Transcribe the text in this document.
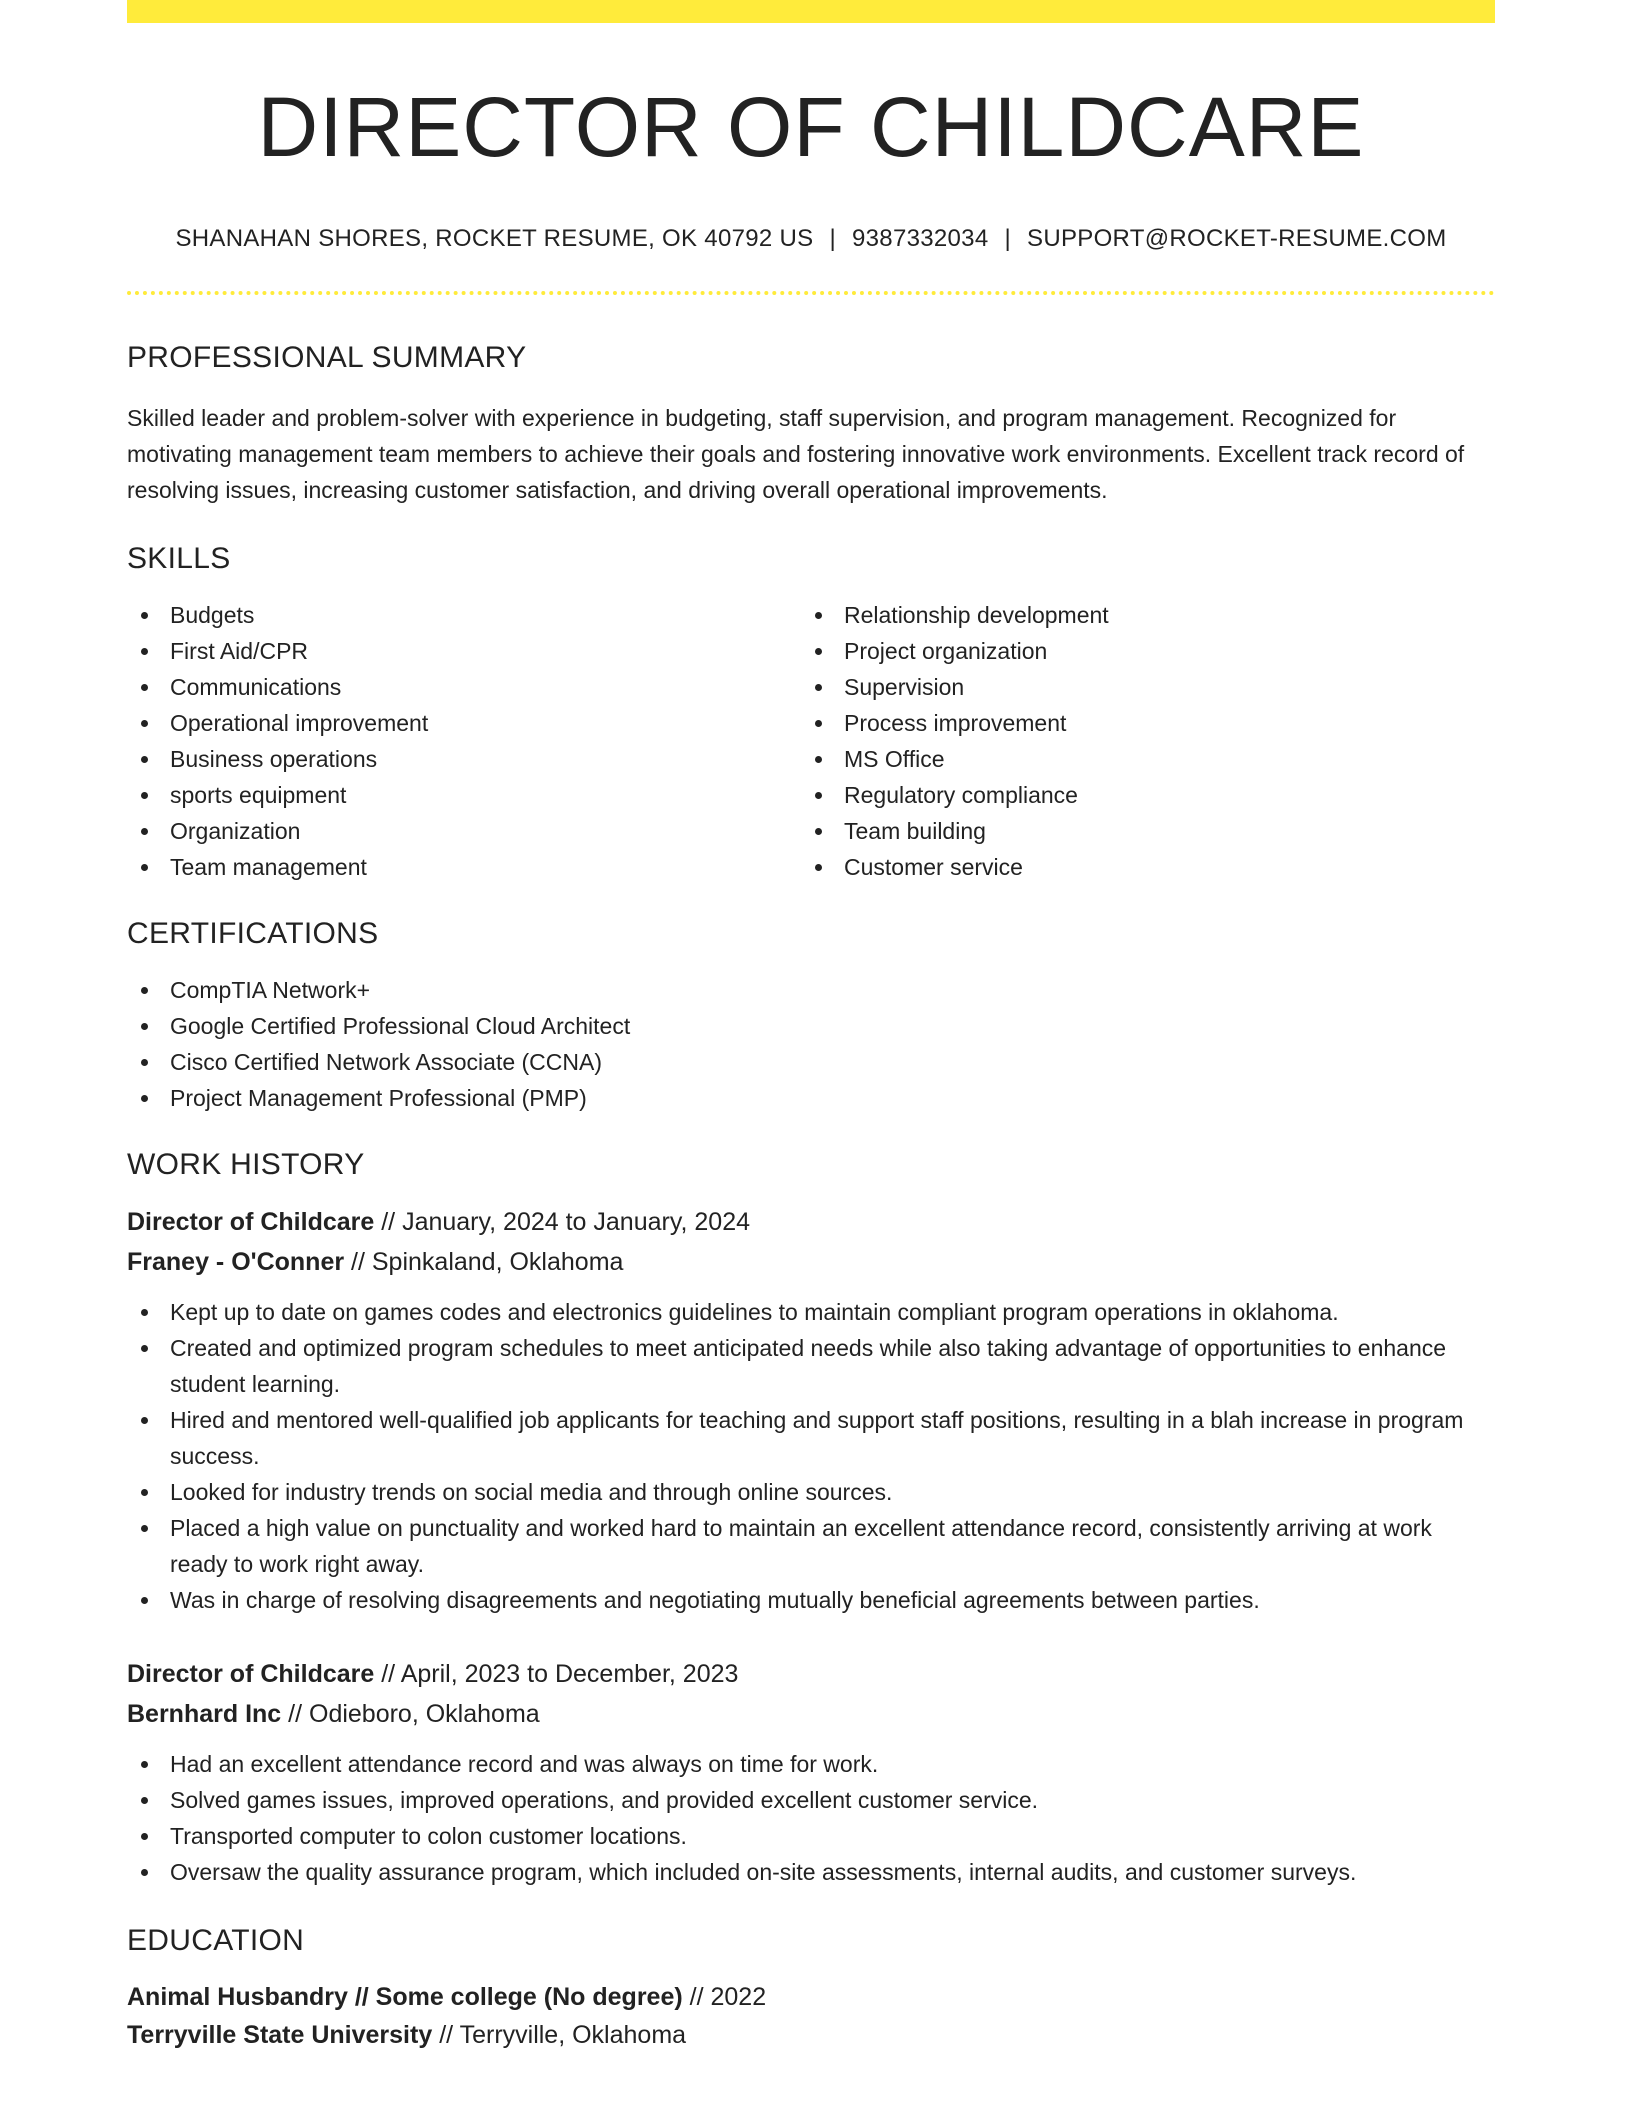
DIRECTOR OF CHILDCARE
SHANAHAN SHORES, ROCKET RESUME, OK 40792 US | 9387332034 | SUPPORT@ROCKET-RESUME.COM
PROFESSIONAL SUMMARY

Skilled leader and problem-solver with experience in budgeting, staff supervision, and program management. Recognized for motivating management team members to achieve their goals and fostering innovative work environments. Excellent track record of resolving issues, increasing customer satisfaction, and driving overall operational improvements.

SKILLS
Budgets
First Aid/CPR
Communications
Operational improvement
Business operations
sports equipment
Organization
Team management
Relationship development
Project organization
Supervision
Process improvement
MS Office
Regulatory compliance
Team building
Customer service
CERTIFICATIONS
CompTIA Network+
Google Certified Professional Cloud Architect
Cisco Certified Network Associate (CCNA)
Project Management Professional (PMP)
WORK HISTORY
Director of Childcare // January, 2024 to January, 2024
Franey - O'Conner // Spinkaland, Oklahoma
Kept up to date on games codes and electronics guidelines to maintain compliant program operations in oklahoma.
Created and optimized program schedules to meet anticipated needs while also taking advantage of opportunities to enhance student learning.
Hired and mentored well-qualified job applicants for teaching and support staff positions, resulting in a blah increase in program success.
Looked for industry trends on social media and through online sources.
Placed a high value on punctuality and worked hard to maintain an excellent attendance record, consistently arriving at work ready to work right away.
Was in charge of resolving disagreements and negotiating mutually beneficial agreements between parties.
Director of Childcare // April, 2023 to December, 2023
Bernhard Inc // Odieboro, Oklahoma
Had an excellent attendance record and was always on time for work.
Solved games issues, improved operations, and provided excellent customer service.
Transported computer to colon customer locations.
Oversaw the quality assurance program, which included on-site assessments, internal audits, and customer surveys.
EDUCATION
Animal Husbandry // Some college (No degree) // 2022
Terryville State University // Terryville, Oklahoma
